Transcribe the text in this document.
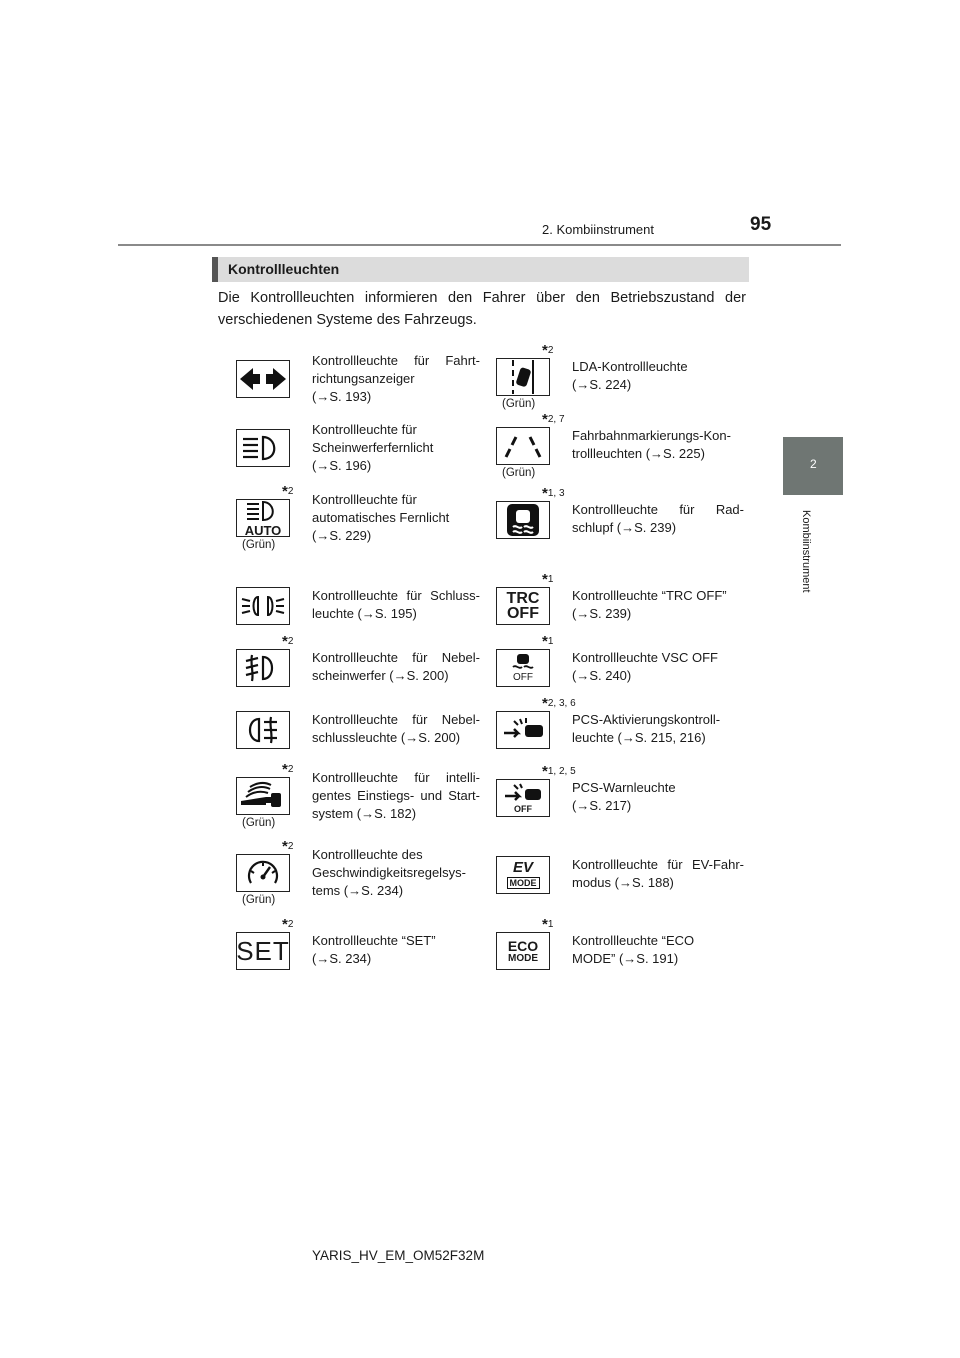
2. Kombiinstrument	95
2
Kombiinstrument
Kontrollleuchten
Die Kontrollleuchten informieren den Fahrer über den Betriebszustand der verschiedenen Systeme des Fahrzeugs.
YARIS_HV_EM_OM52F32M
Kontrollleuchte für Fahrt-
richtungsanzeiger
(→S. 193)
Kontrollleuchte für
Scheinwerferfernlicht
(→S. 196)
AUTO
*2
(Grün)
Kontrollleuchte für
automatisches Fernlicht
(→S. 229)
Kontrollleuchte für Schluss-
leuchte (→S. 195)
*2
Kontrollleuchte für Nebel-
scheinwerfer (→S. 200)
Kontrollleuchte für Nebel-
schlussleuchte (→S. 200)
*2
(Grün)
Kontrollleuchte für intelli-
gentes Einstiegs- und Start-
system (→S. 182)
*2
(Grün)
Kontrollleuchte des
Geschwindigkeitsregelsys-
tems (→S. 234)
SET
*2
Kontrollleuchte “SET”
(→S. 234)
*2
(Grün)
LDA-Kontrollleuchte
(→S. 224)
*2, 7
(Grün)
Fahrbahnmarkierungs-Kon-
trollleuchten (→S. 225)
*1, 3
Kontrollleuchte für Rad-
schlupf (→S. 239)
TRC
OFF
*1
Kontrollleuchte “TRC OFF”
(→S. 239)
OFF
*1
Kontrollleuchte VSC OFF
(→S. 240)
*2, 3, 6
PCS-Aktivierungskontroll-
leuchte (→S. 215, 216)
OFF
*1, 2, 5
PCS-Warnleuchte
(→S. 217)
EV
MODE
Kontrollleuchte für EV-Fahr-
modus (→S. 188)
ECO
MODE
*1
Kontrollleuchte “ECO
MODE” (→S. 191)
